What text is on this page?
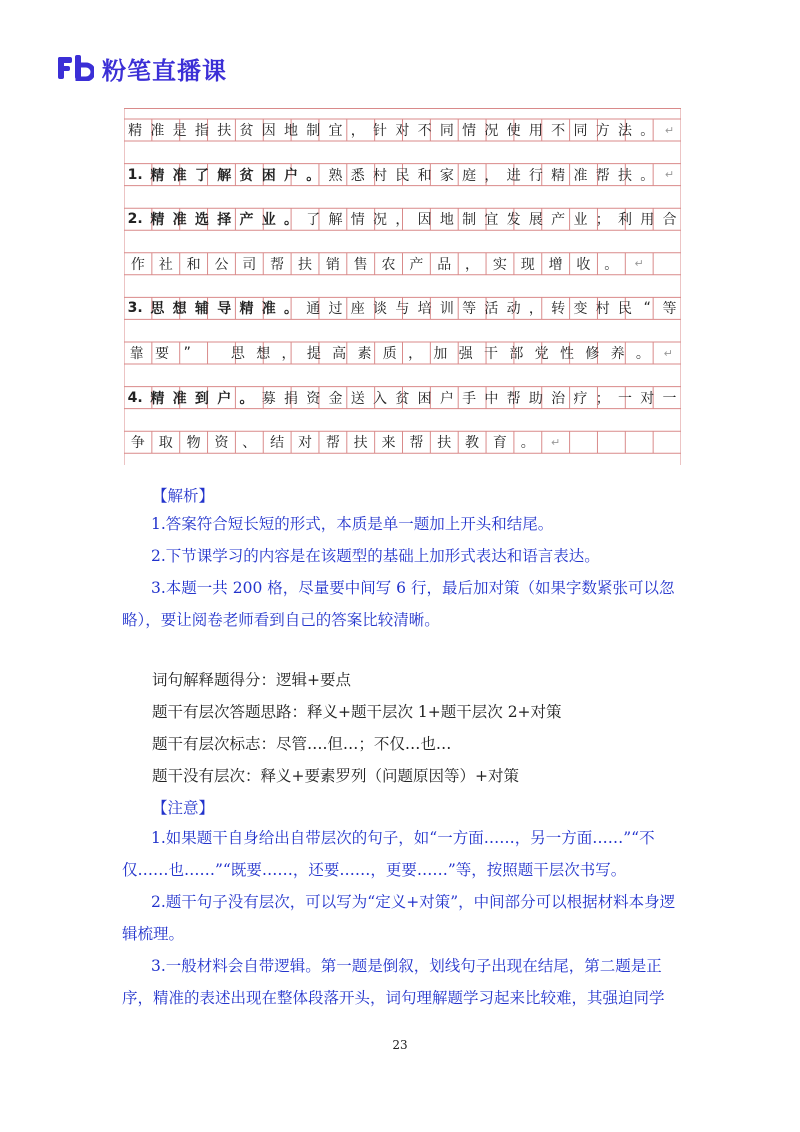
粉笔直播课
精 准 是 指 扶 贫 因 地 制 宜 ， 针 对 不 同 情 况 使 用 不 同 方 法 。 ↵
1. 精 准 了 解 贫 困 户 。 熟 悉 村 民 和 家 庭 ， 进 行 精 准 帮 扶 。 ↵
2. 精 准 选 择 产 业 。 了 解 情 况 ， 因 地 制 宜 发 展 产 业 ； 利 用 合
作 社 和 公 司 帮 扶 销 售 农 产 品 ， 实 现 增 收 。	↵
3. 思 想 辅 导 精 准 。 通 过 座 谈 与 培 训 等 活 动 ， 转 变 村 民 “ 等
靠 要	”	思 想 ， 提 高 素 质 ， 加 强 干 部 党 性 修 养 。	↵
4. 精 准 到 户 。 募 捐 资 金 送 入 贫 困 户 手 中 帮 助 治 疗 ； 一 对 一
争 取 物 资 、 结 对 帮 扶 来 帮 扶 教 育 。	↵
【解析】
1.答案符合短长短的形式，本质是单一题加上开头和结尾。
2.下节课学习的内容是在该题型的基础上加形式表达和语言表达。
3.本题一共 200 格，尽量要中间写 6 行，最后加对策（如果字数紧张可以忽略），要让阅卷老师看到自己的答案比较清晰。
词句解释题得分：逻辑+要点
题干有层次答题思路：释义+题干层次 1+题干层次 2+对策
题干有层次标志：尽管….但…；不仅…也…
题干没有层次：释义+要素罗列（问题原因等）+对策
【注意】
1.如果题干自身给出自带层次的句子，如“一方面……，另一方面……”“不仅……也……”“既要……，还要……，更要……”等，按照题干层次书写。
2.题干句子没有层次，可以写为“定义+对策”，中间部分可以根据材料本身逻辑梳理。
3.一般材料会自带逻辑。第一题是倒叙，划线句子出现在结尾，第二题是正序，精准的表述出现在整体段落开头，词句理解题学习起来比较难，其强迫同学
23
